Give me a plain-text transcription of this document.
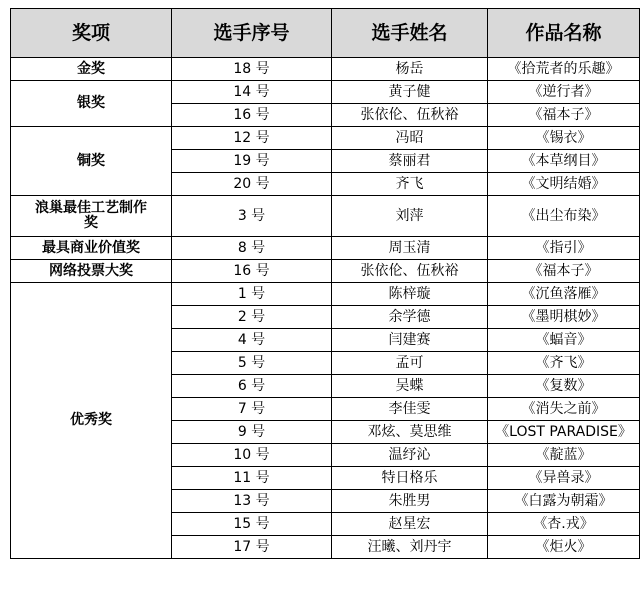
奖项	选手序号	选手姓名	作品名称
金奖	18 号	杨岳	《拾荒者的乐趣》
银奖	14 号	黄子健	《逆行者》
	16 号	张依伦、伍秋裕	《福本子》
铜奖	12 号	冯昭	《锡衣》
	19 号	蔡丽君	《本草纲目》
	20 号	齐飞	《文明结婚》
浪巢最佳工艺制作奖	3 号	刘萍	《出尘布染》
最具商业价值奖	8 号	周玉清	《指引》
网络投票大奖	16 号	张依伦、伍秋裕	《福本子》
优秀奖	1 号	陈梓璇	《沉鱼落雁》
	2 号	余学德	《墨明棋妙》
	4 号	闫建赛	《蝠音》
	5 号	孟可	《齐飞》
	6 号	吴蝶	《复数》
	7 号	李佳雯	《消失之前》
	9 号	邓炫、莫思维	《LOST PARADISE》
	10 号	温纾沁	《靛蓝》
	11 号	特日格乐	《异兽录》
	13 号	朱胜男	《白露为朝霜》
	15 号	赵星宏	《杏.戎》
	17 号	汪曦、刘丹宇	《炬火》
